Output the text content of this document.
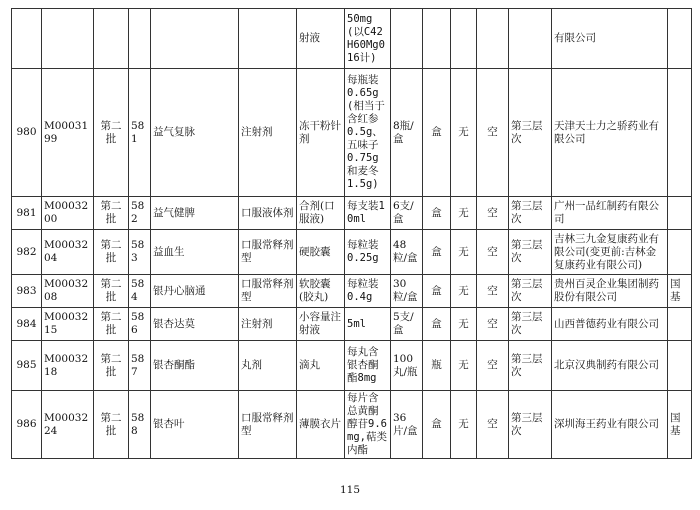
						射液	50mg(以C42H60Mg016计)						有限公司	
980	M0003199	第二批	581	益气复脉	注射剂	冻干粉针剂	每瓶装0.65g(相当于含红参0.5g、五味子0.75g和麦冬1.5g)	8瓶/盒	盒	无	空	第三层次	天津天士力之骄药业有限公司	
981	M0003200	第二批	582	益气健脾	口服液体剂	合剂(口服液)	每支装10ml	6支/盒	盒	无	空	第三层次	广州一品红制药有限公司	
982	M0003204	第二批	583	益血生	口服常释剂型	硬胶囊	每粒装0.25g	48粒/盒	盒	无	空	第三层次	吉林三九金复康药业有限公司(变更前:吉林金复康药业有限公司)	
983	M0003208	第二批	584	银丹心脑通	口服常释剂型	软胶囊(胶丸)	每粒装0.4g	30粒/盒	盒	无	空	第三层次	贵州百灵企业集团制药股份有限公司	国基
984	M0003215	第二批	586	银杏达莫	注射剂	小容量注射液	5ml	5支/盒	盒	无	空	第三层次	山西普德药业有限公司	
985	M0003218	第二批	587	银杏酮酯	丸剂	滴丸	每丸含银杏酮酯8mg	100丸/瓶	瓶	无	空	第三层次	北京汉典制药有限公司	
986	M0003224	第二批	588	银杏叶	口服常释剂型	薄膜衣片	每片含总黄酮醇苷9.6mg,萜类内酯	36片/盒	盒	无	空	第三层次	深圳海王药业有限公司	国基
115
